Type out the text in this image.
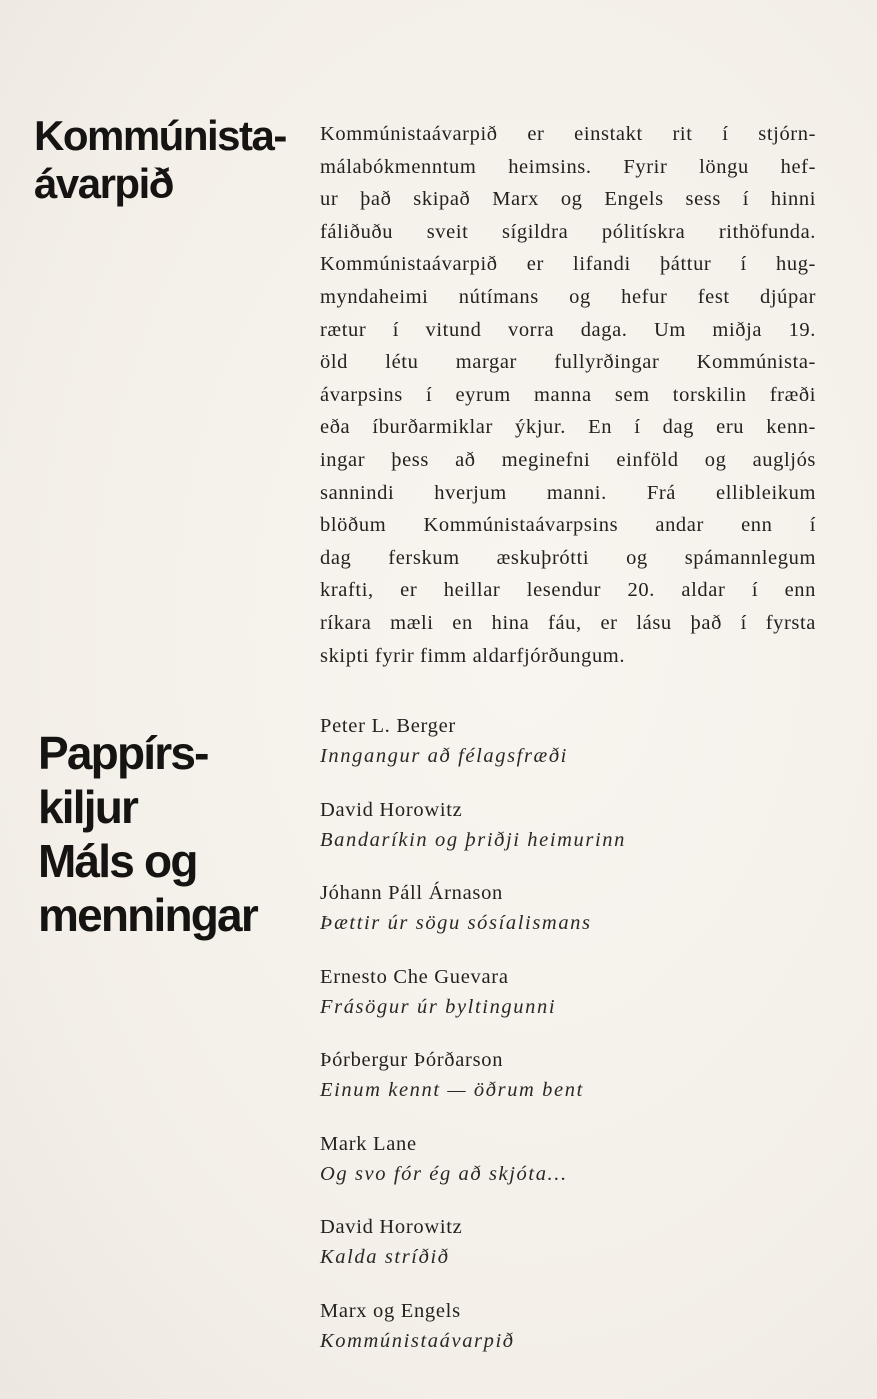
Kommúnista-
ávarpið
Kommúnistaávarpið er einstakt rit í stjórn-
málabókmenntum heimsins. Fyrir löngu hef-
ur það skipað Marx og Engels sess í hinni
fáliðuðu sveit sígildra pólitískra rithöfunda.
Kommúnistaávarpið er lifandi þáttur í hug-
myndaheimi nútímans og hefur fest djúpar
rætur í vitund vorra daga. Um miðja 19.
öld létu margar fullyrðingar Kommúnista-
ávarpsins í eyrum manna sem torskilin fræði
eða íburðarmiklar ýkjur. En í dag eru kenn-
ingar þess að meginefni einföld og augljós
sannindi hverjum manni. Frá ellibleikum
blöðum Kommúnistaávarpsins andar enn í
dag ferskum æskuþrótti og spámannlegum
krafti, er heillar lesendur 20. aldar í enn
ríkara mæli en hina fáu, er lásu það í fyrsta
skipti fyrir fimm aldarfjórðungum.
Pappírs-
kiljur
Máls og
menningar
Peter L. Berger
Inngangur að félagsfræði
David Horowitz
Bandaríkin og þriðji heimurinn
Jóhann Páll Árnason
Þættir úr sögu sósíalismans
Ernesto Che Guevara
Frásögur úr byltingunni
Þórbergur Þórðarson
Einum kennt — öðrum bent
Mark Lane
Og svo fór ég að skjóta...
David Horowitz
Kalda stríðið
Marx og Engels
Kommúnistaávarpið
